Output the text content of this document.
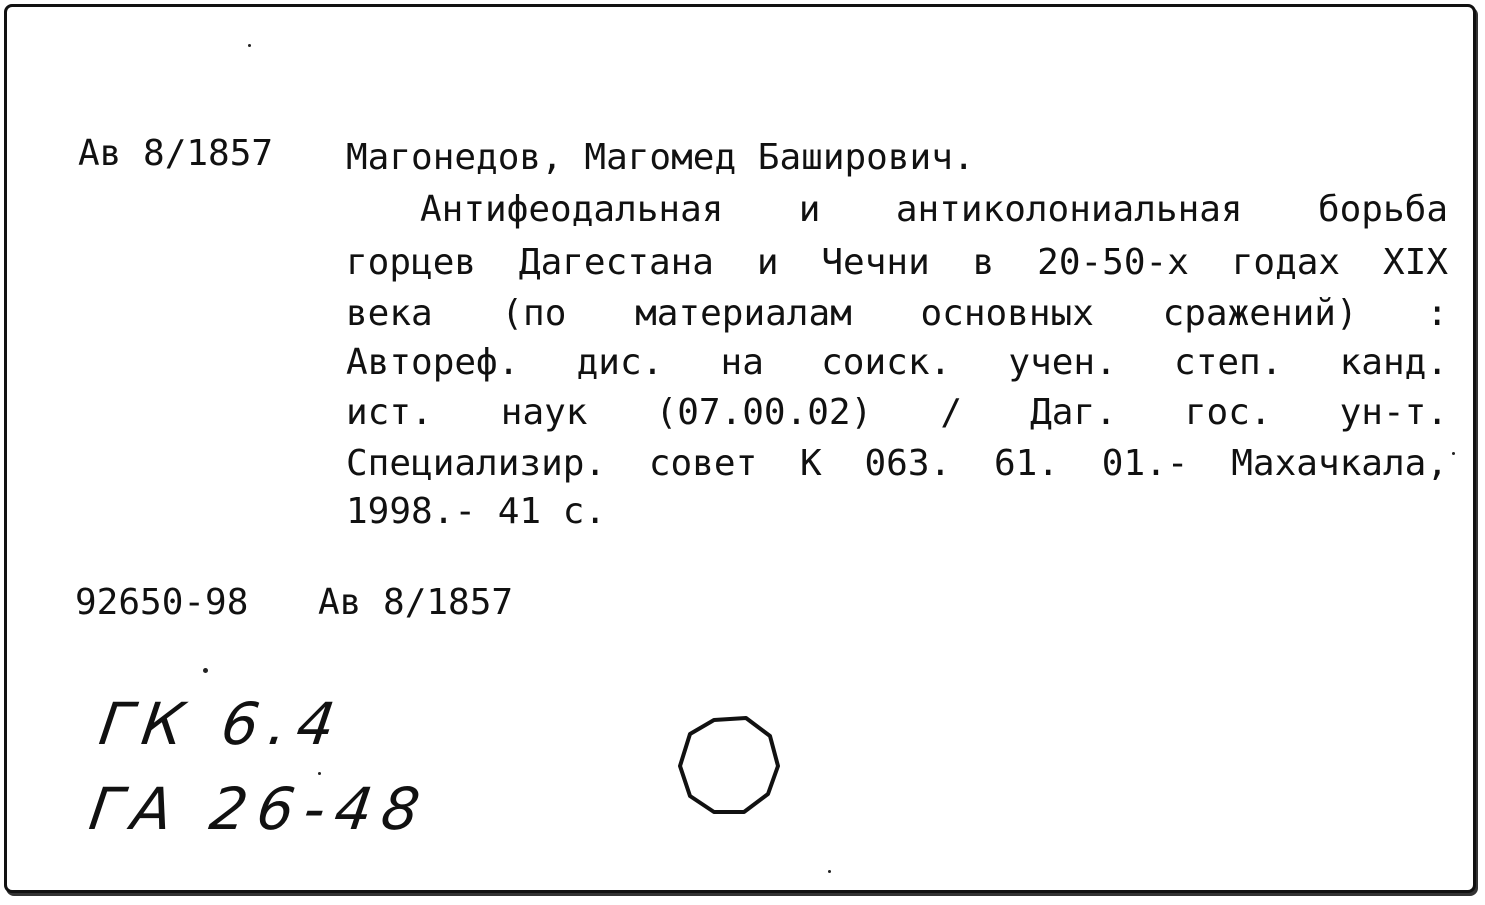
Ав 8/1857 Магонедов, Магомед Баширович.
Антифеодальная и антиколониальная борьба
горцев Дагестана и Чечни в 20-50-х годах XIX
века (по материалам основных сражений) :
Автореф. дис. на соиск. учен. степ. канд.
ист. наук (07.00.02) / Даг. гос. ун-т.
Специализир. совет К 063. 61. 01.- Махачкала,
1998.- 41 с.
92650-98 Ав 8/1857
ГК 6.4
ГА 26-48
